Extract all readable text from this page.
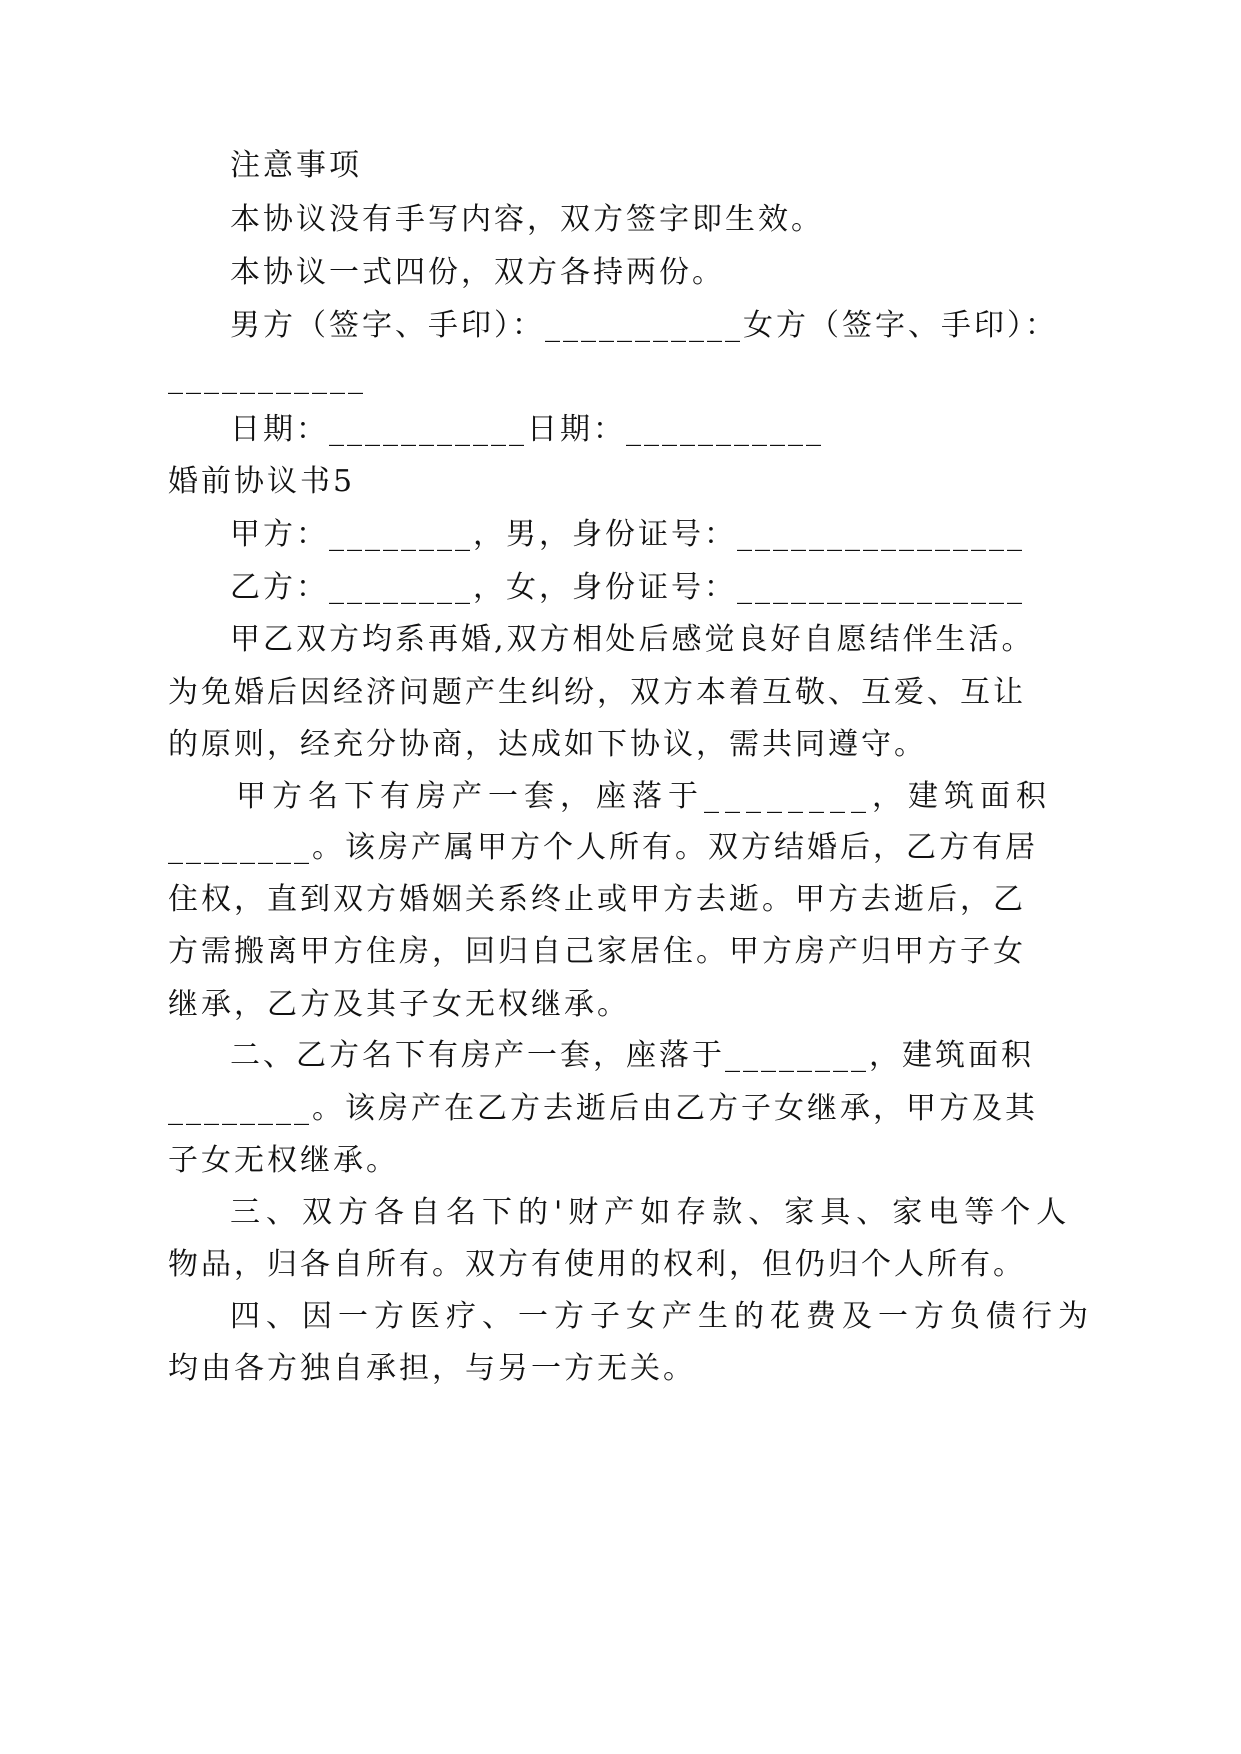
注意事项

本协议没有手写内容，双方签字即生效。

本协议一式四份，双方各持两份。

男方（签字、手印）：___________女方（签字、手印）：

___________

日期：___________日期：___________

婚前协议书5

甲方：________，男，身份证号：________________

乙方：________，女，身份证号：________________

甲乙双方均系再婚,双方相处后感觉良好自愿结伴生活。

为免婚后因经济问题产生纠纷，双方本着互敬、互爱、互让

的原则，经充分协商，达成如下协议，需共同遵守。

甲方名下有房产一套，座落于________，建筑面积

________。该房产属甲方个人所有。双方结婚后，乙方有居

住权，直到双方婚姻关系终止或甲方去逝。甲方去逝后，乙

方需搬离甲方住房，回归自己家居住。甲方房产归甲方子女

继承，乙方及其子女无权继承。

二、乙方名下有房产一套，座落于________，建筑面积

________。该房产在乙方去逝后由乙方子女继承，甲方及其

子女无权继承。

三、双方各自名下的'财产如存款、家具、家电等个人

物品，归各自所有。双方有使用的权利，但仍归个人所有。

四、因一方医疗、一方子女产生的花费及一方负债行为

均由各方独自承担，与另一方无关。
